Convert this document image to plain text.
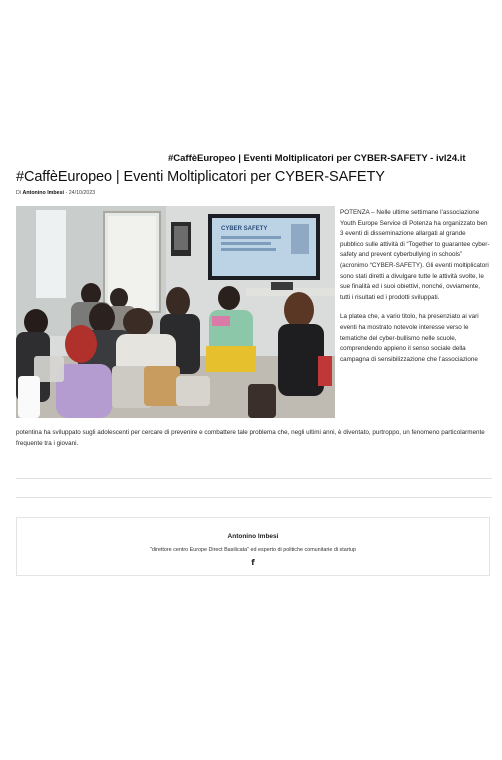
#CaffèEuropeo | Eventi Moltiplicatori per CYBER-SAFETY - ivl24.it
#CaffèEuropeo | Eventi Moltiplicatori per CYBER-SAFETY
Di Antonino Imbesi - 24/10/2023
CYBER SAFETY

POTENZA – Nelle ultime settimane l’associazione Youth Europe Service di Potenza ha organizzato ben 3 eventi di disseminazione allargati al grande pubblico sulle attività di “Together to guarantee cyber-safety and prevent cyberbullying in schools” (acronimo “CYBER-SAFETY). Gli eventi moltiplicatori sono stati diretti a divulgare tutte le attività svolte, le sue finalità ed i suoi obiettivi, nonché, ovviamente, tutti i risultati ed i prodotti sviluppati.

La platea che, a vario titolo, ha presenziato ai vari eventi ha mostrato notevole interesse verso le tematiche del cyber-bullismo nelle scuole, comprendendo appieno il senso sociale della campagna di sensibilizzazione che l’associazione

potentina ha sviluppato sugli adolescenti per cercare di prevenire e combattere tale problema che, negli ultimi anni, è diventato, purtroppo, un fenomeno particolarmente frequente tra i giovani.
Antonino Imbesi
"direttore centro Europe Direct Basilicata" ed esperto di politiche comunitarie di startup
f
